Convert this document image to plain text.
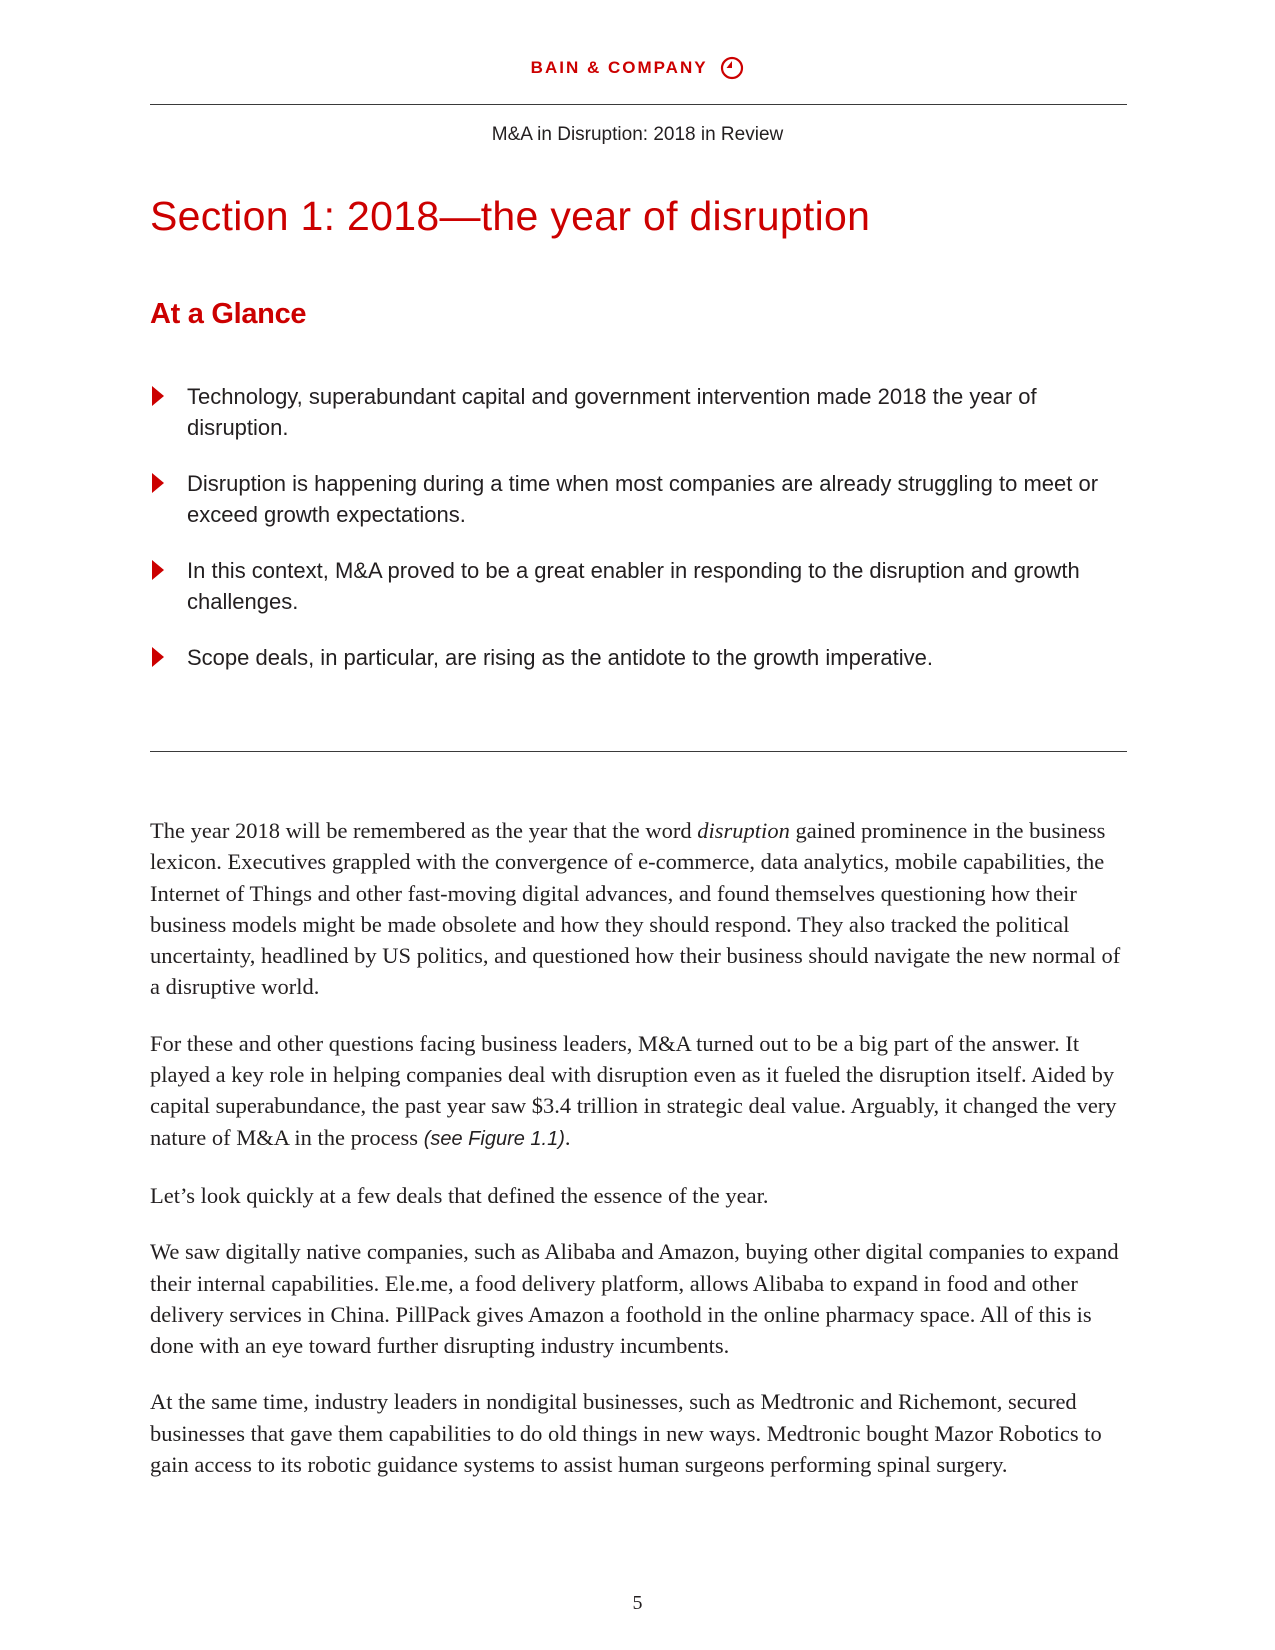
BAIN & COMPANY
M&A in Disruption: 2018 in Review
Section 1: 2018—the year of disruption
At a Glance
Technology, superabundant capital and government intervention made 2018 the year of disruption.
Disruption is happening during a time when most companies are already struggling to meet or exceed growth expectations.
In this context, M&A proved to be a great enabler in responding to the disruption and growth challenges.
Scope deals, in particular, are rising as the antidote to the growth imperative.

The year 2018 will be remembered as the year that the word disruption gained prominence in the business lexicon. Executives grappled with the convergence of e-commerce, data analytics, mobile capabilities, the Internet of Things and other fast-moving digital advances, and found themselves questioning how their business models might be made obsolete and how they should respond. They also tracked the political uncertainty, headlined by US politics, and questioned how their business should navigate the new normal of a disruptive world.

For these and other questions facing business leaders, M&A turned out to be a big part of the answer. It played a key role in helping companies deal with disruption even as it fueled the disruption itself. Aided by capital superabundance, the past year saw $3.4 trillion in strategic deal value. Arguably, it changed the very nature of M&A in the process (see Figure 1.1).

Let’s look quickly at a few deals that defined the essence of the year.

We saw digitally native companies, such as Alibaba and Amazon, buying other digital companies to expand their internal capabilities. Ele.me, a food delivery platform, allows Alibaba to expand in food and other delivery services in China. PillPack gives Amazon a foothold in the online pharmacy space. All of this is done with an eye toward further disrupting industry incumbents.

At the same time, industry leaders in nondigital businesses, such as Medtronic and Richemont, secured businesses that gave them capabilities to do old things in new ways. Medtronic bought Mazor Robotics to gain access to its robotic guidance systems to assist human surgeons performing spinal surgery.

5
